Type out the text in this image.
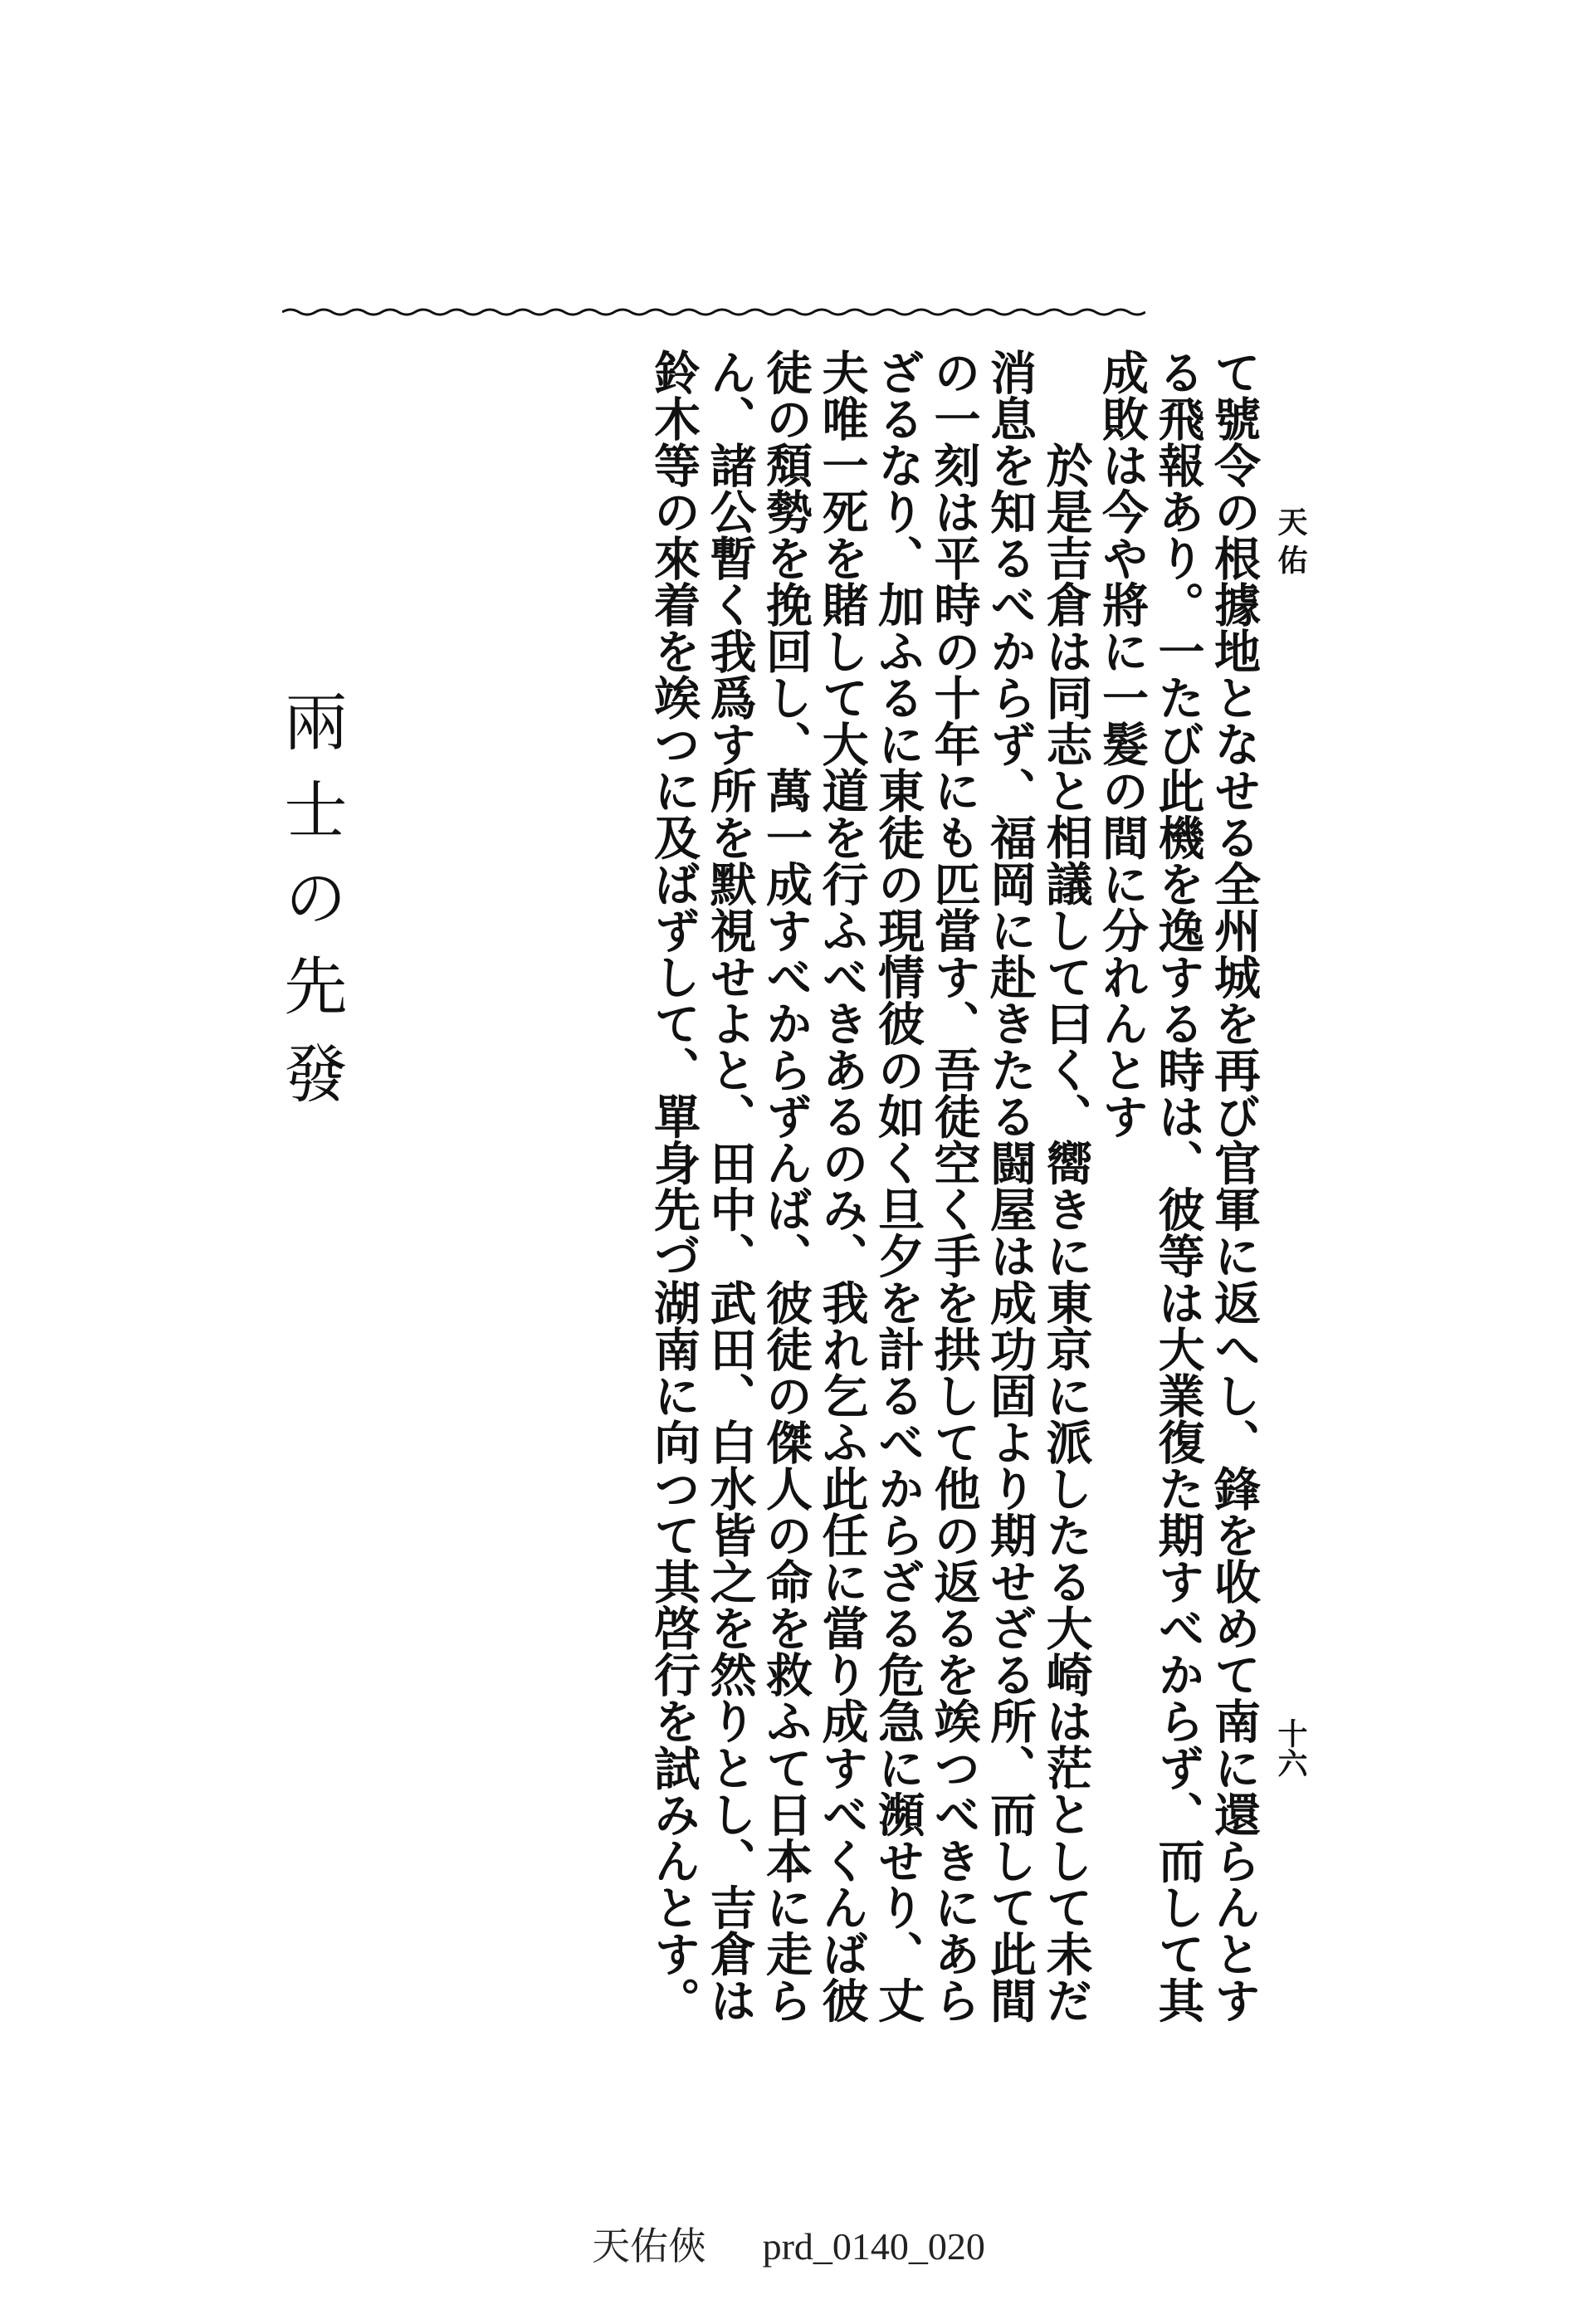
天佑
十六

て號令の根據地となせる全州城を再び官軍に返へし、鋒を收めて南に還らんとする飛報あり。一たび此機を逸する時は、彼等は大業復た期すべからず、而して其成敗は今や將に一髮の間に分れんとす

於是吉倉は同志と相議して曰く、嚮きに東京に派したる大崎は茫として未だ消息を知るべからず、福岡に赴きたる闘屋は成功固より期せざる所、而して此間の一刻は平時の十年にも匹當す、吾徒空く手を拱して他の返るを竢つべきにあらざるなり、加ふるに東徒の現情彼の如く旦夕を計るべからざる危急に瀕せり、丈夫唯一死を賭して大道を行ふべきあるのみ、我れ乞ふ此任に當り成すべくんば彼徒の頽勢を挽回し、萬一成すべからずんば、彼徒の傑人の命を救ふて日本に走らん、諸公暫く我爲す所を默視せよと、田中、武田、白水皆之を然りとし、吉倉は鈴木等の來着を竢つに及ばずして、單身先づ湖南に向つて其啓行を試みんとす。

兩士の先發
天佑俠 prd_0140_020
